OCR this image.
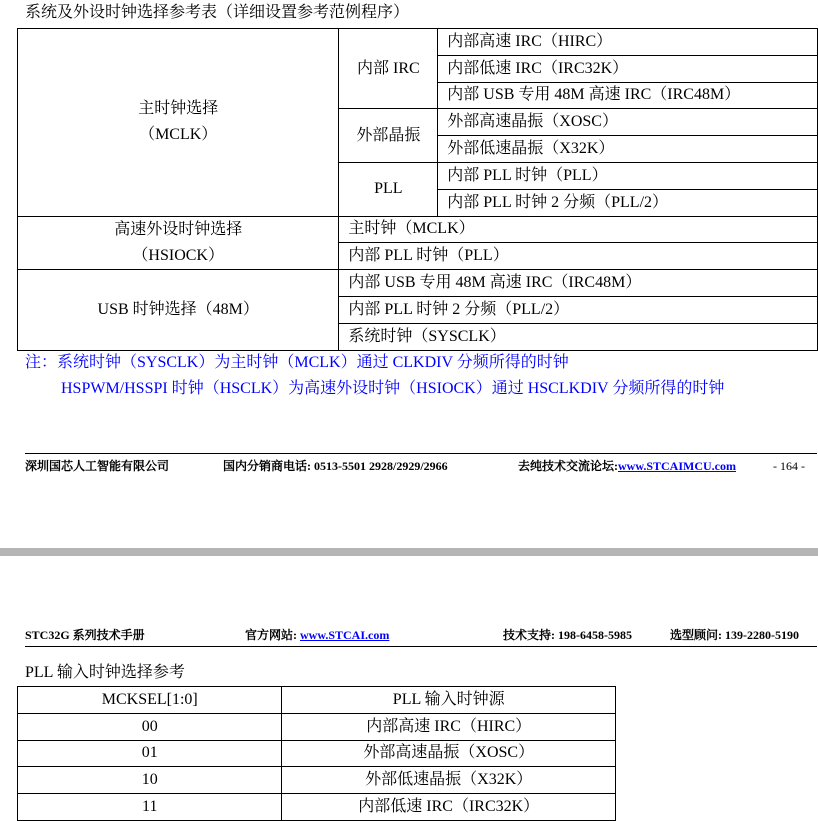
系统及外设时钟选择参考表（详细设置参考范例程序）
主时钟选择
（MCLK）	内部 IRC	内部高速 IRC（HIRC）
		内部低速 IRC（IRC32K）
		内部 USB 专用 48M 高速 IRC（IRC48M）
	外部晶振	外部高速晶振（XOSC）
		外部低速晶振（X32K）
	PLL	内部 PLL 时钟（PLL）
		内部 PLL 时钟 2 分频（PLL/2）

高速外设时钟选择
（HSIOCK）	主时钟（MCLK）	
	内部 PLL 时钟（PLL）	
USB 时钟选择（48M）	内部 USB 专用 48M 高速 IRC（IRC48M）	
	内部 PLL 时钟 2 分频（PLL/2）	
	系统时钟（SYSCLK）	
注：系统时钟（SYSCLK）为主时钟（MCLK）通过 CLKDIV 分频所得的时钟
HSPWM/HSSPI 时钟（HSCLK）为高速外设时钟（HSIOCK）通过 HSCLKDIV 分频所得的时钟
深圳国芯人工智能有限公司	国内分销商电话: 0513-5501 2928/2929/2966	去纯技术交流论坛:www.STCAIMCU.com	- 164 -
STC32G 系列技术手册	官方网站: www.STCAI.com	技术支持: 198-6458-5985	选型顾问: 139-2280-5190
PLL 输入时钟选择参考
MCKSEL[1:0]	PLL 输入时钟源
00	内部高速 IRC（HIRC）
01	外部高速晶振（XOSC）
10	外部低速晶振（X32K）
11	内部低速 IRC（IRC32K）
